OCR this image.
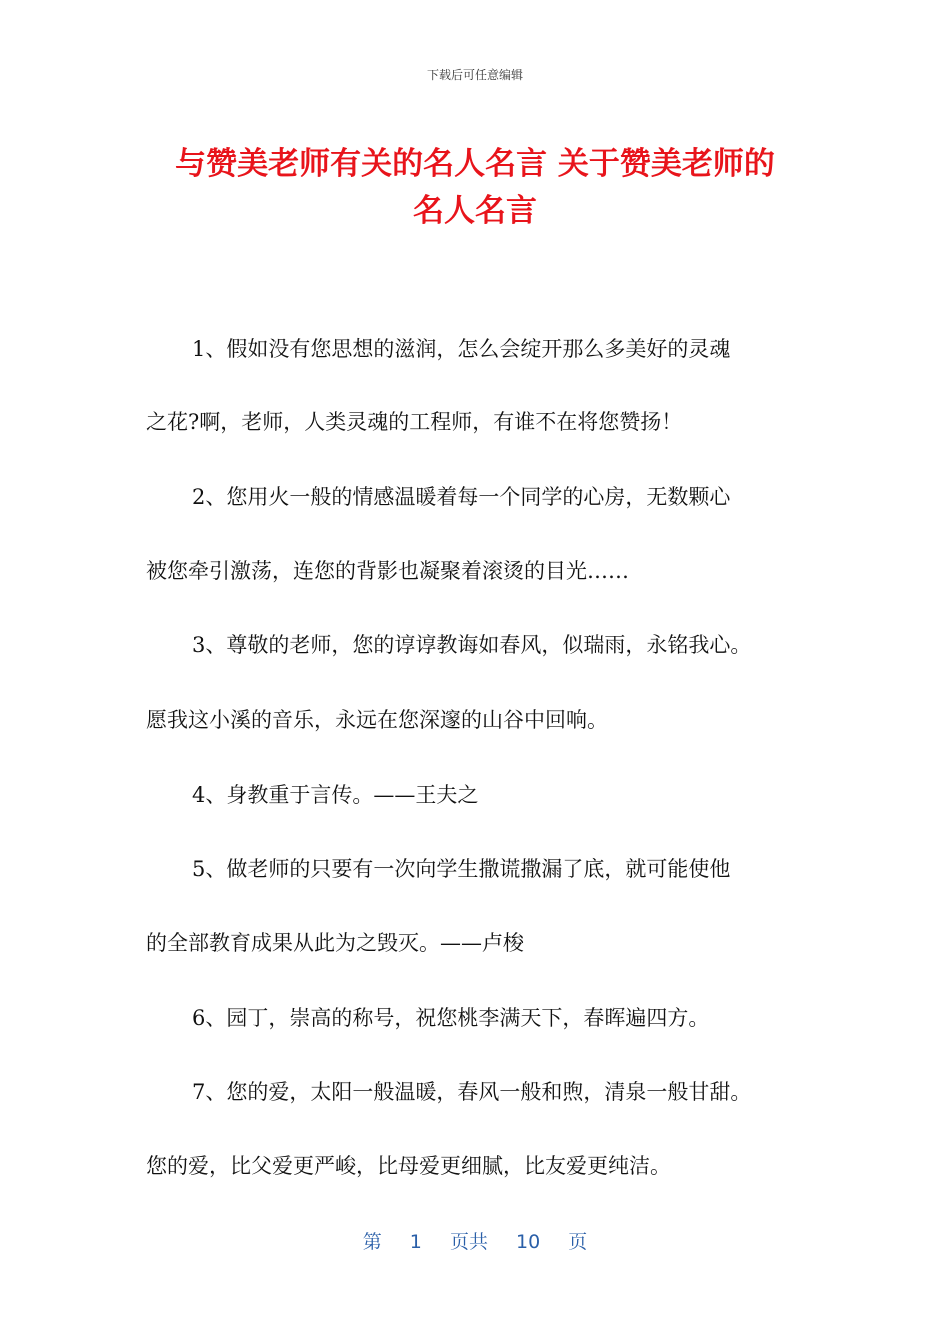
下载后可任意编辑
与赞美老师有关的名人名言 关于赞美老师的
名人名言
1、假如没有您思想的滋润，怎么会绽开那么多美好的灵魂
之花?啊，老师，人类灵魂的工程师，有谁不在将您赞扬！
2、您用火一般的情感温暖着每一个同学的心房，无数颗心
被您牵引激荡，连您的背影也凝聚着滚烫的目光……
3、尊敬的老师，您的谆谆教诲如春风，似瑞雨，永铭我心。
愿我这小溪的音乐，永远在您深邃的山谷中回响。
4、身教重于言传。——王夫之
5、做老师的只要有一次向学生撒谎撒漏了底，就可能使他
的全部教育成果从此为之毁灭。——卢梭
6、园丁，崇高的称号，祝您桃李满天下，春晖遍四方。
7、您的爱，太阳一般温暖，春风一般和煦，清泉一般甘甜。
您的爱，比父爱更严峻，比母爱更细腻，比友爱更纯洁。
第 1 页共 10 页
